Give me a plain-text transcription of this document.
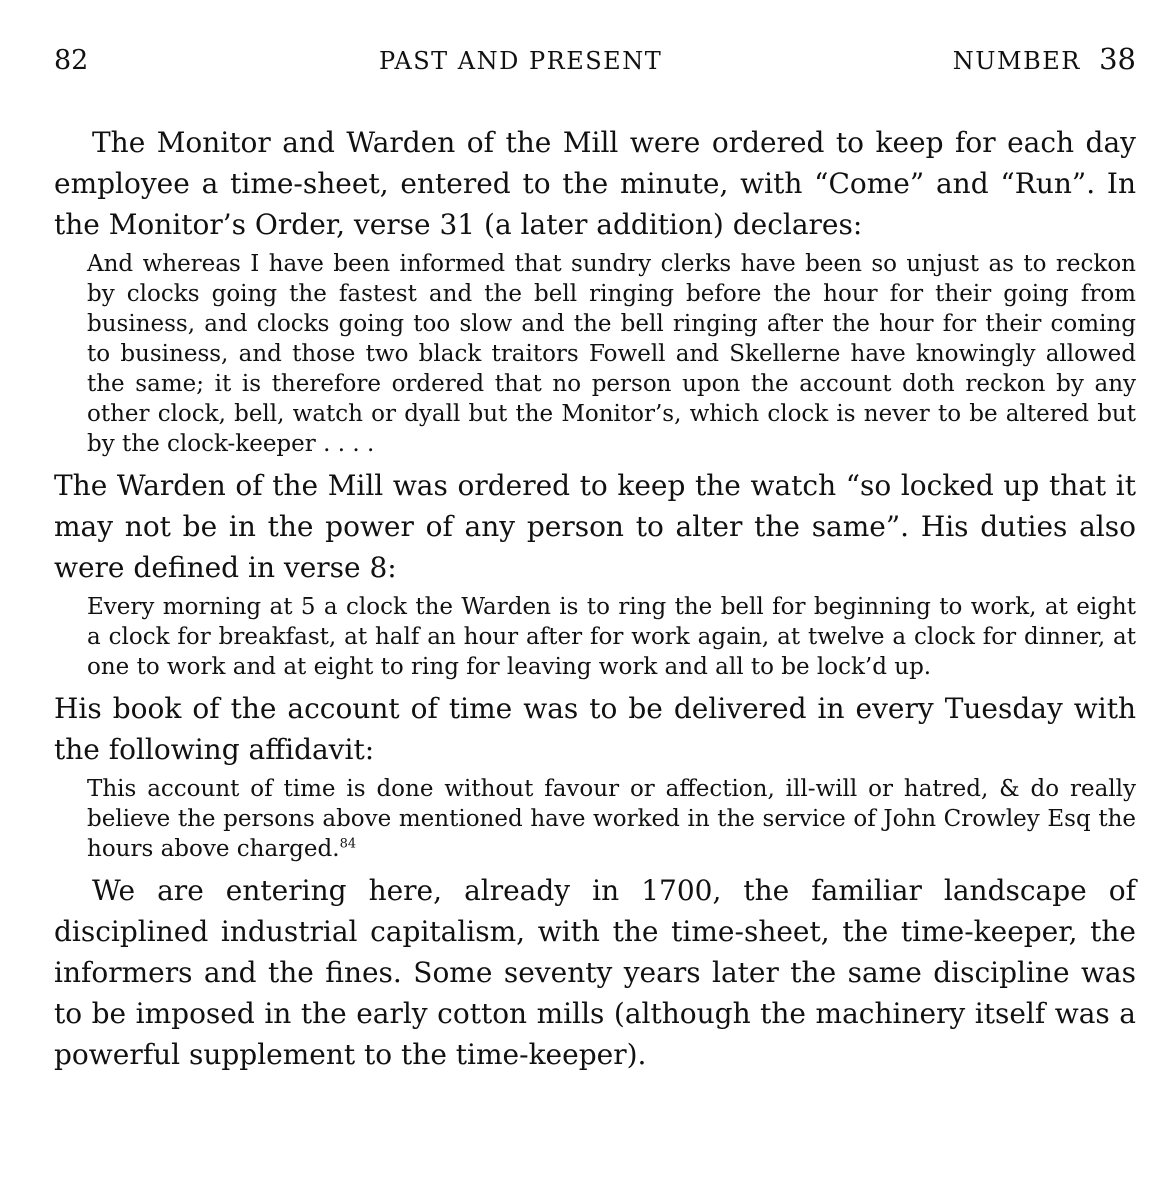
82	PAST AND PRESENT	NUMBER 38

The Monitor and Warden of the Mill were ordered to keep for each day employee a time-sheet, entered to the minute, with “Come” and “Run”. In the Monitor’s Order, verse 31 (a later addition) declares:

And whereas I have been informed that sundry clerks have been so unjust as to reckon by clocks going the fastest and the bell ringing before the hour for their going from business, and clocks going too slow and the bell ringing after the hour for their coming to business, and those two black traitors Fowell and Skellerne have knowingly allowed the same; it is therefore ordered that no person upon the account doth reckon by any other clock, bell, watch or dyall but the Monitor’s, which clock is never to be altered but by the clock-keeper . . . .

The Warden of the Mill was ordered to keep the watch “so locked up that it may not be in the power of any person to alter the same”. His duties also were defined in verse 8:

Every morning at 5 a clock the Warden is to ring the bell for beginning to work, at eight a clock for breakfast, at half an hour after for work again, at twelve a clock for dinner, at one to work and at eight to ring for leaving work and all to be lock’d up.

His book of the account of time was to be delivered in every Tuesday with the following affidavit:

This account of time is done without favour or affection, ill-will or hatred, & do really believe the persons above mentioned have worked in the service of John Crowley Esq the hours above charged.$^{84}$

We are entering here, already in 1700, the familiar landscape of disciplined industrial capitalism, with the time-sheet, the time-keeper, the informers and the fines. Some seventy years later the same discipline was to be imposed in the early cotton mills (although the machinery itself was a powerful supplement to the time-keeper).
